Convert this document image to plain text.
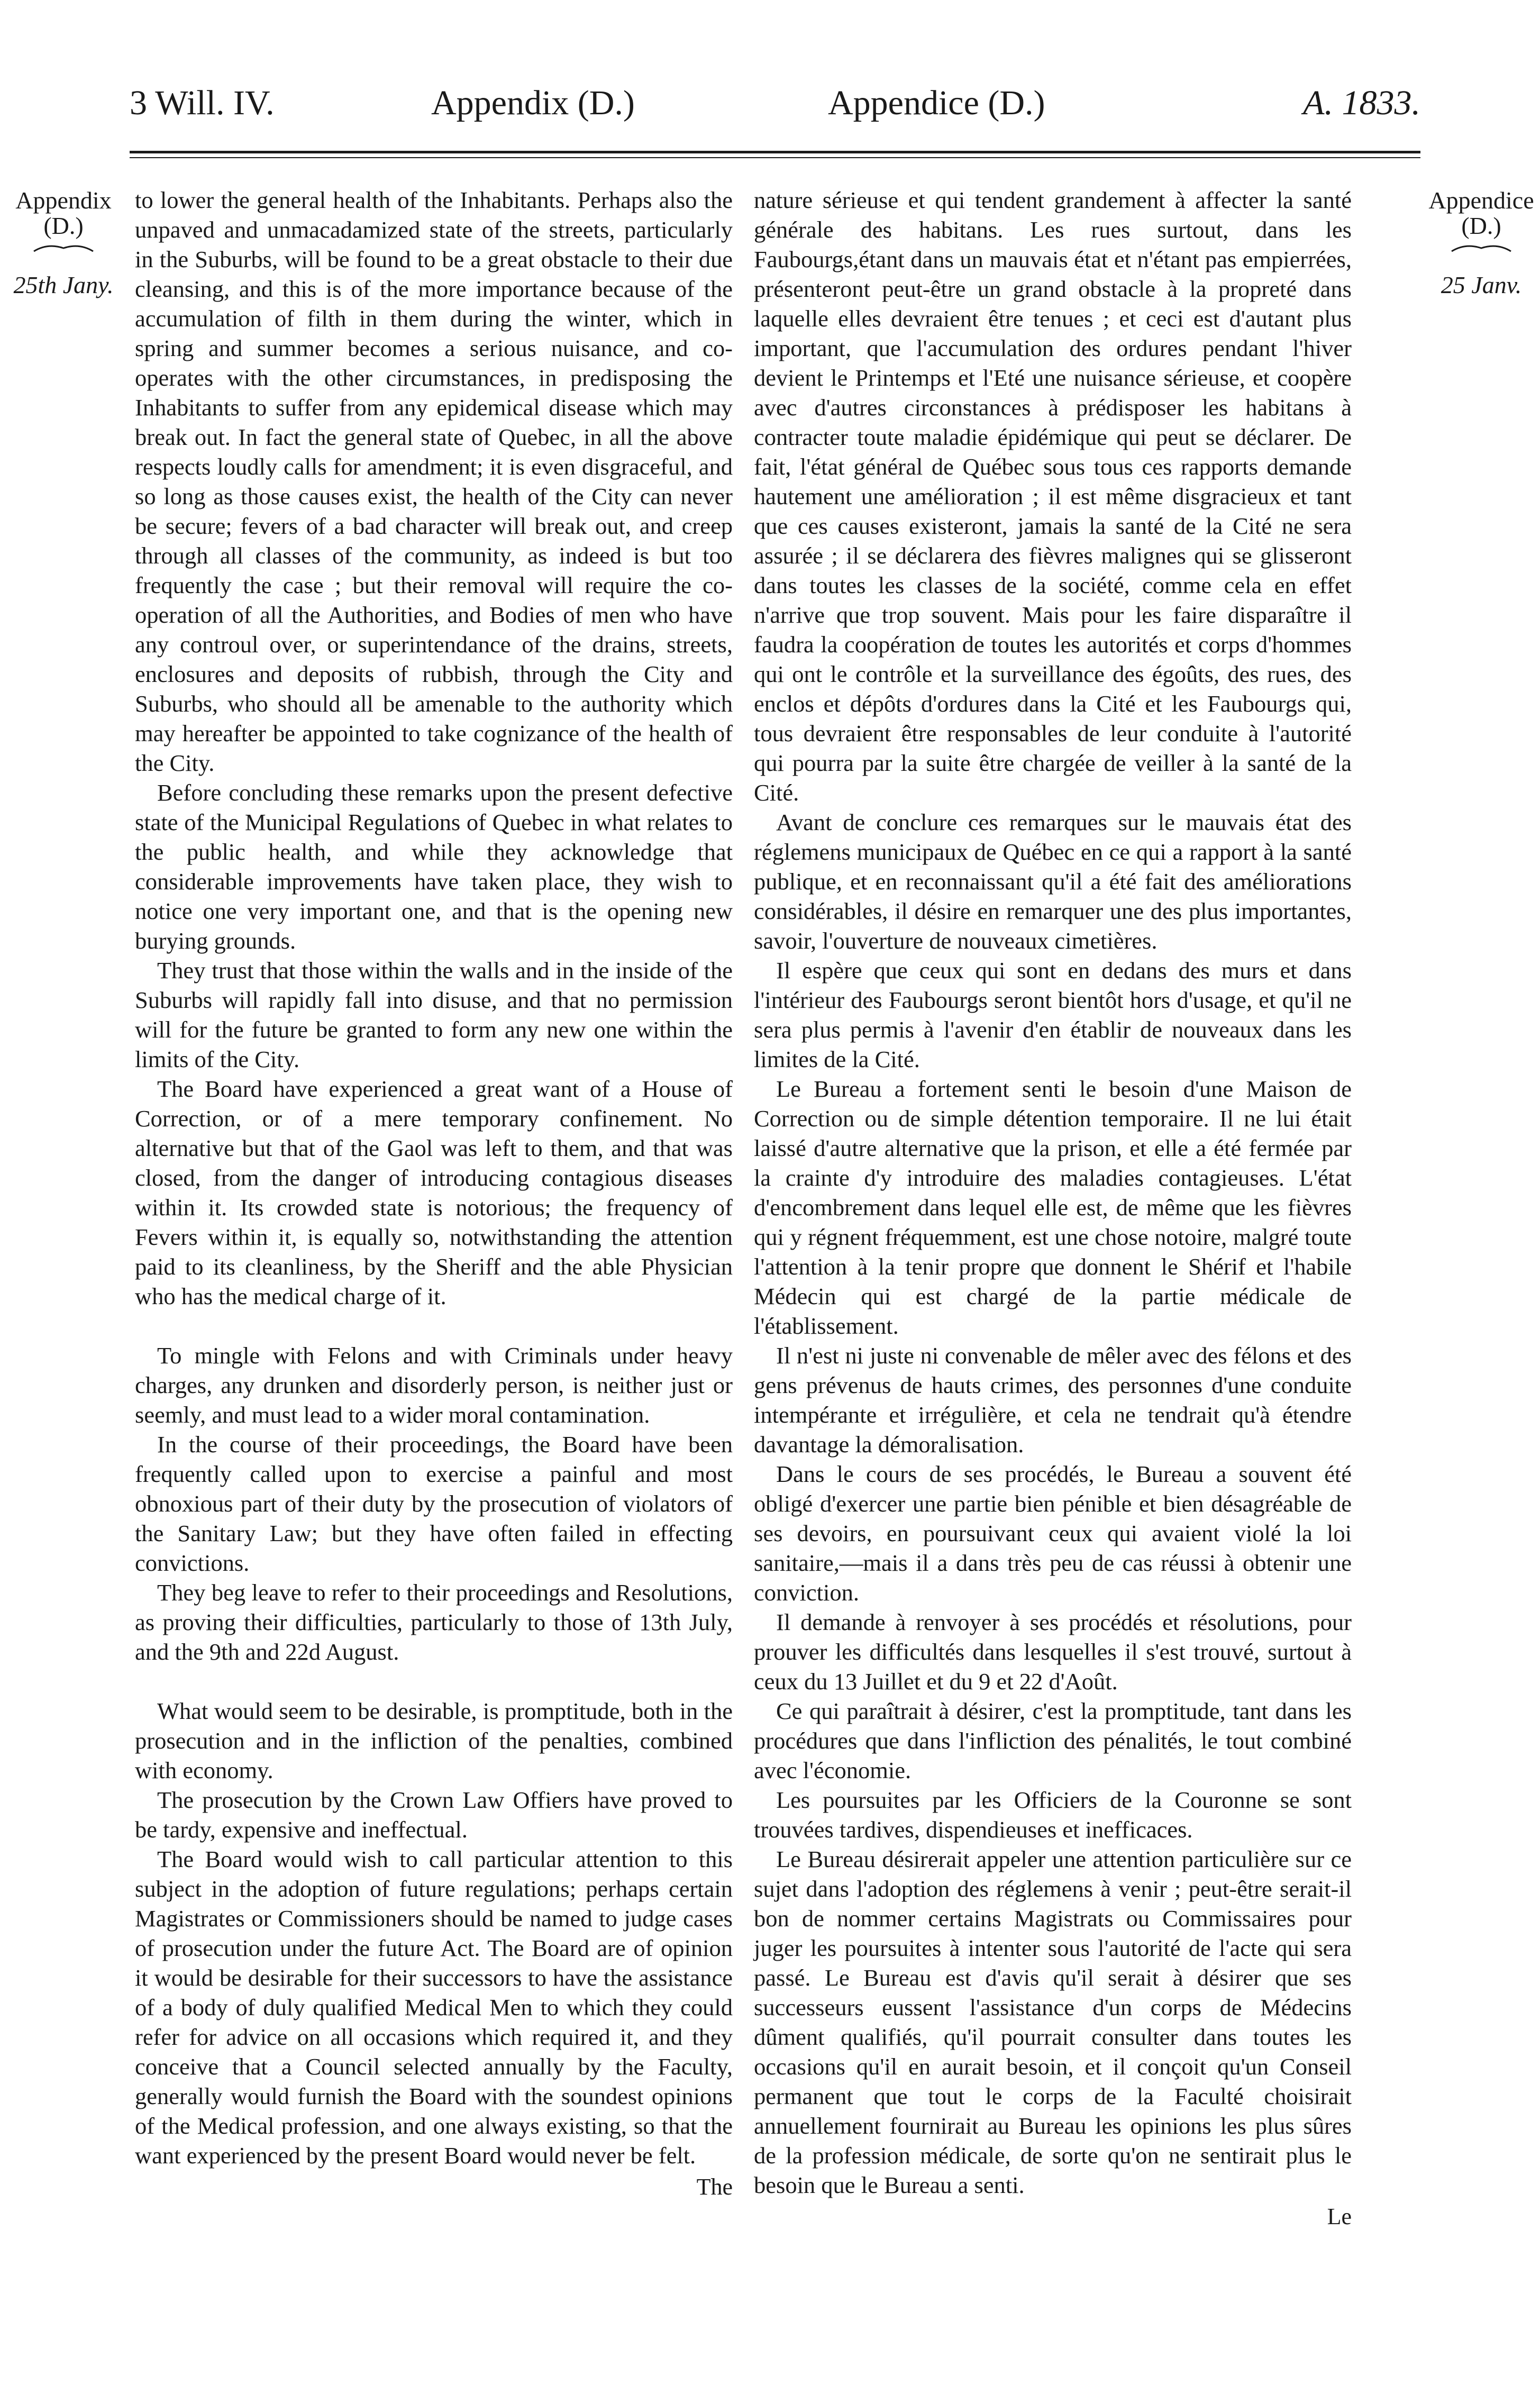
3 Will. IV.	Appendix (D.)	Appendice (D.)	A. 1833.
Appendix
(D.)
25th Jany.
Appendice
(D.)
25 Janv.

to lower the general health of the Inhabitants. Perhaps also the unpaved and unmacadamized state of the streets, particularly in the Suburbs, will be found to be a great obstacle to their due cleansing, and this is of the more importance because of the accumulation of filth in them during the winter, which in spring and summer becomes a serious nuisance, and co-operates with the other circumstances, in predisposing the Inhabitants to suffer from any epidemical disease which may break out. In fact the general state of Quebec, in all the above respects loudly calls for amendment; it is even disgraceful, and so long as those causes exist, the health of the City can never be secure; fevers of a bad character will break out, and creep through all classes of the community, as indeed is but too frequently the case ; but their removal will require the co-operation of all the Authorities, and Bodies of men who have any controul over, or superintendance of the drains, streets, enclosures and deposits of rubbish, through the City and Suburbs, who should all be amenable to the authority which may hereafter be appointed to take cognizance of the health of the City.

Before concluding these remarks upon the present defective state of the Municipal Regulations of Quebec in what relates to the public health, and while they acknowledge that considerable improvements have taken place, they wish to notice one very important one, and that is the opening new burying grounds.

They trust that those within the walls and in the inside of the Suburbs will rapidly fall into disuse, and that no permission will for the future be granted to form any new one within the limits of the City.

The Board have experienced a great want of a House of Correction, or of a mere temporary confinement. No alternative but that of the Gaol was left to them, and that was closed, from the danger of introducing contagious diseases within it. Its crowded state is notorious; the frequency of Fevers within it, is equally so, notwithstanding the attention paid to its cleanliness, by the Sheriff and the able Physician who has the medical charge of it.

To mingle with Felons and with Criminals under heavy charges, any drunken and disorderly person, is neither just or seemly, and must lead to a wider moral contamination.

In the course of their proceedings, the Board have been frequently called upon to exercise a painful and most obnoxious part of their duty by the prosecution of violators of the Sanitary Law; but they have often failed in effecting convictions.

They beg leave to refer to their proceedings and Resolutions, as proving their difficulties, particularly to those of 13th July, and the 9th and 22d August.

What would seem to be desirable, is promptitude, both in the prosecution and in the infliction of the penalties, combined with economy.

The prosecution by the Crown Law Offiers have proved to be tardy, expensive and ineffectual.

The Board would wish to call particular attention to this subject in the adoption of future regulations; perhaps certain Magistrates or Commissioners should be named to judge cases of prosecution under the future Act. The Board are of opinion it would be desirable for their successors to have the assistance of a body of duly qualified Medical Men to which they could refer for advice on all occasions which required it, and they conceive that a Council selected annually by the Faculty, generally would furnish the Board with the soundest opinions of the Medical profession, and one always existing, so that the want experienced by the present Board would never be felt.

The

nature sérieuse et qui tendent grandement à affecter la santé générale des habitans. Les rues surtout, dans les Faubourgs,étant dans un mauvais état et n'étant pas empierrées, présenteront peut-être un grand obstacle à la propreté dans laquelle elles devraient être tenues ; et ceci est d'autant plus important, que l'accumulation des ordures pendant l'hiver devient le Printemps et l'Eté une nuisance sérieuse, et coopère avec d'autres circonstances à prédisposer les habitans à contracter toute maladie épidémique qui peut se déclarer. De fait, l'état général de Québec sous tous ces rapports demande hautement une amélioration ; il est même disgracieux et tant que ces causes existeront, jamais la santé de la Cité ne sera assurée ; il se déclarera des fièvres malignes qui se glisseront dans toutes les classes de la société, comme cela en effet n'arrive que trop souvent. Mais pour les faire disparaître il faudra la coopération de toutes les autorités et corps d'hommes qui ont le contrôle et la surveillance des égoûts, des rues, des enclos et dépôts d'ordures dans la Cité et les Faubourgs qui, tous devraient être responsables de leur conduite à l'autorité qui pourra par la suite être chargée de veiller à la santé de la Cité.

Avant de conclure ces remarques sur le mauvais état des réglemens municipaux de Québec en ce qui a rapport à la santé publique, et en reconnaissant qu'il a été fait des améliorations considérables, il désire en remarquer une des plus importantes, savoir, l'ouverture de nouveaux cimetières.

Il espère que ceux qui sont en dedans des murs et dans l'intérieur des Faubourgs seront bientôt hors d'usage, et qu'il ne sera plus permis à l'avenir d'en établir de nouveaux dans les limites de la Cité.

Le Bureau a fortement senti le besoin d'une Maison de Correction ou de simple détention temporaire. Il ne lui était laissé d'autre alternative que la prison, et elle a été fermée par la crainte d'y introduire des maladies contagieuses. L'état d'encombrement dans lequel elle est, de même que les fièvres qui y régnent fréquemment, est une chose notoire, malgré toute l'attention à la tenir propre que donnent le Shérif et l'habile Médecin qui est chargé de la partie médicale de l'établissement.

Il n'est ni juste ni convenable de mêler avec des félons et des gens prévenus de hauts crimes, des personnes d'une conduite intempérante et irrégulière, et cela ne tendrait qu'à étendre davantage la démoralisation.

Dans le cours de ses procédés, le Bureau a souvent été obligé d'exercer une partie bien pénible et bien désagréable de ses devoirs, en poursuivant ceux qui avaient violé la loi sanitaire,—mais il a dans très peu de cas réussi à obtenir une conviction.

Il demande à renvoyer à ses procédés et résolutions, pour prouver les difficultés dans lesquelles il s'est trouvé, surtout à ceux du 13 Juillet et du 9 et 22 d'Août.

Ce qui paraîtrait à désirer, c'est la promptitude, tant dans les procédures que dans l'infliction des pénalités, le tout combiné avec l'économie.

Les poursuites par les Officiers de la Couronne se sont trouvées tardives, dispendieuses et inefficaces.

Le Bureau désirerait appeler une attention particulière sur ce sujet dans l'adoption des réglemens à venir ; peut-être serait-il bon de nommer certains Magistrats ou Commissaires pour juger les poursuites à intenter sous l'autorité de l'acte qui sera passé. Le Bureau est d'avis qu'il serait à désirer que ses successeurs eussent l'assistance d'un corps de Médecins dûment qualifiés, qu'il pourrait consulter dans toutes les occasions qu'il en aurait besoin, et il conçoit qu'un Conseil permanent que tout le corps de la Faculté choisirait annuellement fournirait au Bureau les opinions les plus sûres de la profession médicale, de sorte qu'on ne sentirait plus le besoin que le Bureau a senti.

Le
